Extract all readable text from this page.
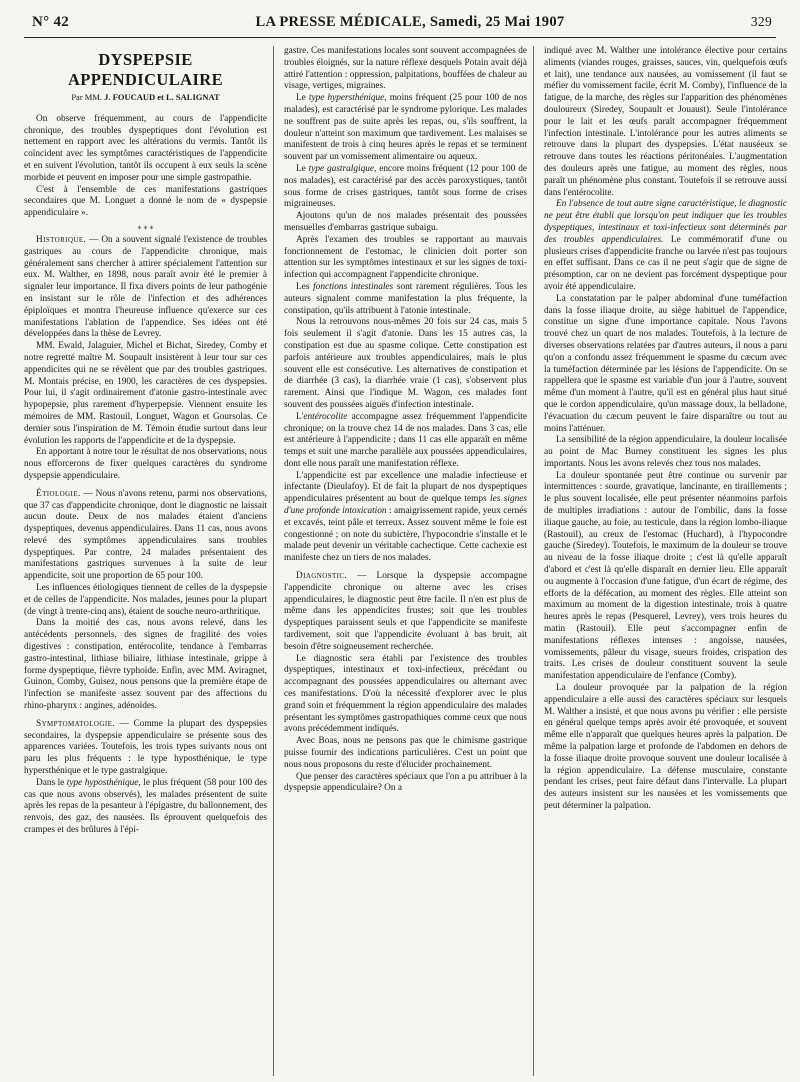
N° 42	LA PRESSE MÉDICALE, Samedi, 25 Mai 1907	329
DYSPEPSIE APPENDICULAIRE
Par MM. J. FOUCAUD et L. SALIGNAT

On observe fréquemment, au cours de l'appendicite chronique, des troubles dyspeptiques dont l'évolution est nettement en rapport avec les altérations du vermis. Tantôt ils coïncident avec les symptômes caractéristiques de l'appendicite et en suivent l'évolution, tantôt ils occupent à eux seuls la scène morbide et peuvent en imposer pour une simple gastropathie.

C'est à l'ensemble de ces manifestations gastriques secondaires que M. Longuet a donné le nom de « dyspepsie appendiculaire ».

⁎ ⁎ ⁎

Historique. — On a souvent signalé l'existence de troubles gastriques au cours de l'appendicite chronique, mais généralement sans chercher à attirer spécialement l'attention sur eux. M. Walther, en 1898, nous paraît avoir été le premier à signaler leur importance. Il fixa divers points de leur pathogénie en insistant sur le rôle de l'infection et des adhérences épiploïques et montra l'heureuse influence qu'exerce sur ces manifestations l'ablation de l'appendice. Ses idées ont été développées dans la thèse de Levrey.

MM. Ewald, Jalaguier, Michel et Bichat, Siredey, Comby et notre regretté maître M. Soupault insistèrent à leur tour sur ces appendicites qui ne se révèlent que par des troubles gastriques. M. Montais précise, en 1900, les caractères de ces dyspepsies. Pour lui, il s'agit ordinairement d'atonie gastro-intestinale avec hypopepsie, plus rarement d'hyperpepsie. Viennent ensuite les mémoires de MM. Rastouil, Longuet, Wagon et Goursolas. Ce dernier sous l'inspiration de M. Témoin étudie surtout dans leur évolution les rapports de l'appendicite et de la dyspepsie.

En apportant à notre tour le résultat de nos observations, nous nous efforcerons de fixer quelques caractères du syndrome dyspepsie appendiculaire.

Étiologie. — Nous n'avons retenu, parmi nos observations, que 37 cas d'appendicite chronique, dont le diagnostic ne laissait aucun doute. Deux de nos malades étaient d'anciens dyspeptiques, devenus appendiculaires. Dans 11 cas, nous avons relevé des symptômes appendiculaires sans troubles dyspeptiques. Par contre, 24 malades présentaient des manifestations gastriques survenues à la suite de leur appendicite, soit une proportion de 65 pour 100.

Les influences étiologiques tiennent de celles de la dyspepsie et de celles de l'appendicite. Nos malades, jeunes pour la plupart (de vingt à trente-cinq ans), étaient de souche neuro-arthritique.

Dans la moitié des cas, nous avons relevé, dans les antécédents personnels, des signes de fragilité des voies digestives : constipation, entérocolite, tendance à l'embarras gastro-intestinal, lithiase biliaire, lithiase intestinale, grippe à forme dyspeptique, fièvre typhoïde. Enfin, avec MM. Aviragnet, Guinon, Comby, Guisez, nous pensons que la première étape de l'infection se manifeste assez souvent par des affections du rhino-pharynx : angines, adénoïdes.

Symptomatologie. — Comme la plupart des dyspepsies secondaires, la dyspepsie appendiculaire se présente sous des apparences variées. Toutefois, les trois types suivants nous ont paru les plus fréquents : le type hyposthénique, le type hypersthénique et le type gastralgique.

Dans le type hyposthénique, le plus fréquent (58 pour 100 des cas que nous avons observés), les malades présentent de suite après les repas de la pesanteur à l'épigastre, du ballonnement, des renvois, des gaz, des nausées. Ils éprouvent quelquefois des crampes et des brûlures à l'épi-

gastre. Ces manifestations locales sont souvent accompagnées de troubles éloignés, sur la nature réflexe desquels Potain avait déjà attiré l'attention : oppression, palpitations, bouffées de chaleur au visage, vertiges, migraines.

Le type hypersthénique, moins fréquent (25 pour 100 de nos malades), est caractérisé par le syndrome pylorique. Les malades ne souffrent pas de suite après les repas, ou, s'ils souffrent, la douleur n'atteint son maximum que tardivement. Les malaises se manifestent de trois à cinq heures après le repas et se terminent souvent par un vomissement alimentaire ou aqueux.

Le type gastralgique, encore moins fréquent (12 pour 100 de nos malades), est caractérisé par des accès paroxystiques, tantôt sous forme de crises gastriques, tantôt sous forme de crises migraineuses.

Ajoutons qu'un de nos malades présentait des poussées mensuelles d'embarras gastrique subaigu.

Après l'examen des troubles se rapportant au mauvais fonctionnement de l'estomac, le clinicien doit porter son attention sur les symptômes intestinaux et sur les signes de toxi-infection qui accompagnent l'appendicite chronique.

Les fonctions intestinales sont rarement régulières. Tous les auteurs signalent comme manifestation la plus fréquente, la constipation, qu'ils attribuent à l'atonie intestinale.

Nous la retrouvons nous-mêmes 20 fois sur 24 cas, mais 5 fois seulement il s'agit d'atonie. Dans les 15 autres cas, la constipation est due au spasme colique. Cette constipation est parfois antérieure aux troubles appendiculaires, mais le plus souvent elle est consécutive. Les alternatives de constipation et de diarrhée (3 cas), la diarrhée vraie (1 cas), s'observent plus rarement. Ainsi que l'indique M. Wagon, ces malades font souvent des poussées aiguës d'infection intestinale.

L'entérocolite accompagne assez fréquemment l'appendicite chronique; on la trouve chez 14 de nos malades. Dans 3 cas, elle est antérieure à l'appendicite ; dans 11 cas elle apparaît en même temps et suit une marche parallèle aux poussées appendiculaires, dont elle nous paraît une manifestation réflexe.

L'appendicite est par excellence une maladie infectieuse et infectante (Dieulafoy). Et de fait la plupart de nos dyspeptiques appendiculaires présentent au bout de quelque temps les signes d'une profonde intoxication : amaigrissement rapide, yeux cernés et excavés, teint pâle et terreux. Assez souvent même le foie est congestionné ; on note du subictère, l'hypocondrie s'installe et le malade peut devenir un véritable cachectique. Cette cachexie est manifeste chez un tiers de nos malades.

Diagnostic. — Lorsque la dyspepsie accompagne l'appendicite chronique ou alterne avec les crises appendiculaires, le diagnostic peut être facile. Il n'en est plus de même dans les appendicites frustes; soit que les troubles dyspeptiques paraissent seuls et que l'appendicite se manifeste tardivement, soit que l'appendicite évoluant à bas bruit, ait besoin d'être soigneusement recherchée.

Le diagnostic sera établi par l'existence des troubles dyspeptiques, intestinaux et toxi-infectieux, précédant ou accompagnant des poussées appendiculaires ou alternant avec ces manifestations. D'où la nécessité d'explorer avec le plus grand soin et fréquemment la région appendiculaire des malades présentant les symptômes gastropathiques comme ceux que nous avons précédemment indiqués.

Avec Boas, nous ne pensons pas que le chimisme gastrique puisse fournir des indications particulières. C'est un point que nous nous proposons du reste d'élucider prochainement.

Que penser des caractères spéciaux que l'on a pu attribuer à la dyspepsie appendiculaire? On a

indiqué avec M. Walther une intolérance élective pour certains aliments (viandes rouges, graisses, sauces, vin, quelquefois œufs et lait), une tendance aux nausées, au vomissement (il faut se méfier du vomissement facile, écrit M. Comby), l'influence de la fatigue, de la marche, des règles sur l'apparition des phénomènes douloureux (Siredey, Soupault et Jouaust). Seule l'intolérance pour le lait et les œufs paraît accompagner fréquemment l'infection intestinale. L'intolérance pour les autres aliments se retrouve dans la plupart des dyspepsies. L'état nauséeux se retrouve dans toutes les réactions péritonéales. L'augmentation des douleurs après une fatigue, au moment des règles, nous paraît un phénomène plus constant. Toutefois il se retrouve aussi dans l'entérocolite.

En l'absence de tout autre signe caractéristique, le diagnostic ne peut être établi que lorsqu'on peut indiquer que les troubles dyspeptiques, intestinaux et toxi-infectieux sont déterminés par des troubles appendiculaires. Le commémoratif d'une ou plusieurs crises d'appendicite franche ou larvée n'est pas toujours en effet suffisant. Dans ce cas il ne peut s'agir que de signe de présomption, car on ne devient pas forcément dyspeptique pour avoir été appendiculaire.

La constatation par le palper abdominal d'une tuméfaction dans la fosse iliaque droite, au siège habituel de l'appendice, constitue un signe d'une importance capitale. Nous l'avons trouvé chez un quart de nos malades. Toutefois, à la lecture de diverses observations relatées par d'autres auteurs, il nous a paru qu'on a confondu assez fréquemment le spasme du cæcum avec la tuméfaction déterminée par les lésions de l'appendicite. On se rappellera que le spasme est variable d'un jour à l'autre, souvent même d'un moment à l'autre, qu'il est en général plus haut situé que le cordon appendiculaire, qu'un massage doux, la belladone, l'évacuation du cæcum peuvent le faire disparaître ou tout au moins l'atténuer.

La sensibilité de la région appendiculaire, la douleur localisée au point de Mac Burney constituent les signes les plus importants. Nous les avons relevés chez tous nos malades.

La douleur spontanée peut être continue ou survenir par intermittences : sourde, gravatique, lancinante, en tiraillements ; le plus souvent localisée, elle peut présenter néanmoins parfois de multiples irradiations : autour de l'ombilic, dans la fosse iliaque gauche, au foie, au testicule, dans la région lombo-iliaque (Rastouil), au creux de l'estomac (Huchard), à l'hypocondre gauche (Siredey). Toutefois, le maximum de la douleur se trouve au niveau de la fosse iliaque droite ; c'est là qu'elle apparaît d'abord et c'est là qu'elle disparaît en dernier lieu. Elle apparaît ou augmente à l'occasion d'une fatigue, d'un écart de régime, des efforts de la défécation, au moment des règles. Elle atteint son maximum au moment de la digestion intestinale, trois à quatre heures après le repas (Pesquerel, Levrey), vers trois heures du matin (Rastouil). Elle peut s'accompagner enfin de manifestations réflexes intenses : angoisse, nausées, vomissements, pâleur du visage, sueurs froides, crispation des traits. Les crises de douleur constituent souvent la seule manifestation appendiculaire de l'enfance (Comby).

La douleur provoquée par la palpation de la région appendiculaire a elle aussi des caractères spéciaux sur lesquels M. Walther a insisté, et que nous avons pu vérifier : elle persiste en général quelque temps après avoir été provoquée, et souvent même elle n'apparaît que quelques heures après la palpation. De même la palpation large et profonde de l'abdomen en dehors de la fosse iliaque droite provoque souvent une douleur localisée à la région appendiculaire. La défense musculaire, constante pendant les crises, peut faire défaut dans l'intervalle. La plupart des auteurs insistent sur les nausées et les vomissements que peut déterminer la palpation.
